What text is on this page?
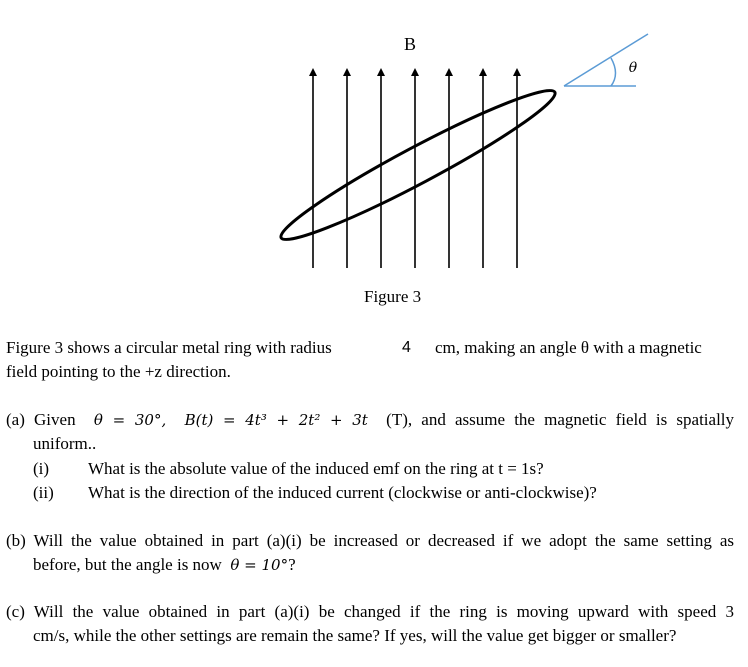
B
θ
Figure 3
Figure 3 shows a circular metal ring with radius	4 cm, making an angle θ with a magnetic
field pointing to the +z direction.
(a) Given θ = 30°, B(t) = 4t³ + 2t² + 3t (T), and assume the magnetic field is spatially
uniform..
(i) What is the absolute value of the induced emf on the ring at t = 1s?
(ii) What is the direction of the induced current (clockwise or anti-clockwise)?
(b) Will the value obtained in part (a)(i) be increased or decreased if we adopt the same setting as
before, but the angle is now θ = 10°?
(c) Will the value obtained in part (a)(i) be changed if the ring is moving upward with speed 3
cm/s, while the other settings are remain the same? If yes, will the value get bigger or smaller?
